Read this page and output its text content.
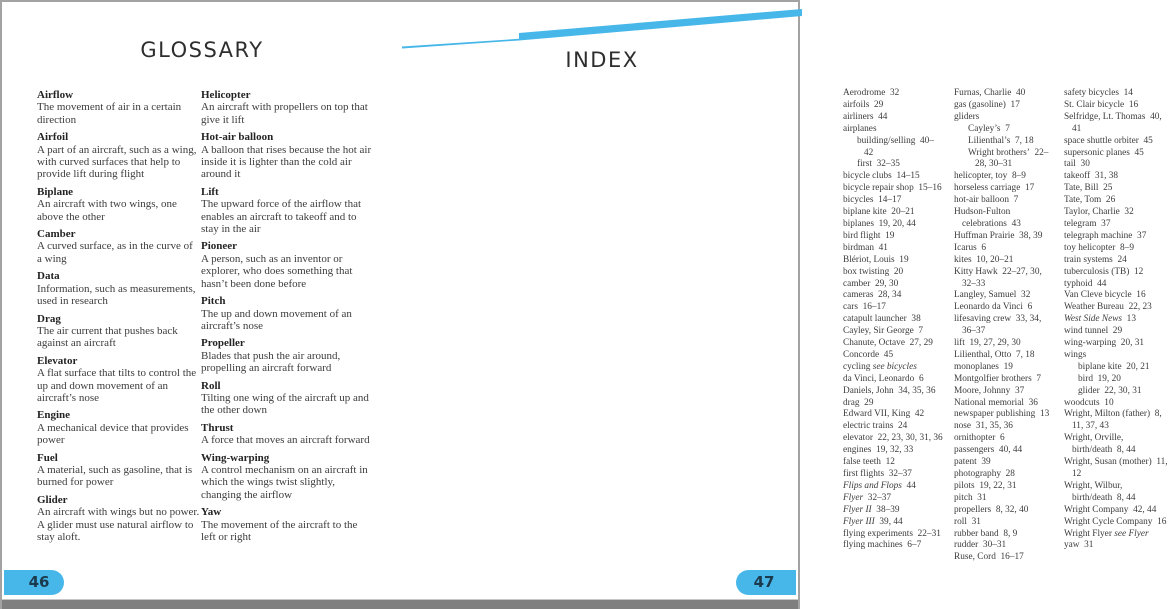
GLOSSARY
Airflow
The movement of air in a certain direction
Airfoil
A part of an aircraft, such as a wing, with curved surfaces that help to provide lift during flight
Biplane
An aircraft with two wings, one above the other
Camber
A curved surface, as in the curve of a wing
Data
Information, such as measurements, used in research
Drag
The air current that pushes back against an aircraft
Elevator
A flat surface that tilts to control the up and down movement of an aircraft’s nose
Engine
A mechanical device that provides power
Fuel
A material, such as gasoline, that is burned for power
Glider
An aircraft with wings but no power. A glider must use natural airflow to stay aloft.
Helicopter
An aircraft with propellers on top that give it lift
Hot-air balloon
A balloon that rises because the hot air inside it is lighter than the cold air around it
Lift
The upward force of the airflow that enables an aircraft to takeoff and to stay in the air
Pioneer
A person, such as an inventor or explorer, who does something that hasn’t been done before
Pitch
The up and down movement of an aircraft’s nose
Propeller
Blades that push the air around, propelling an aircraft forward
Roll
Tilting one wing of the aircraft up and the other down
Thrust
A force that moves an aircraft forward
Wing-warping
A control mechanism on an aircraft in which the wings twist slightly, changing the airflow
Yaw
The movement of the aircraft to the left or right
INDEX
Aerodrome 32
airfoils 29
airliners 44
airplanes
building/selling 40–42
first 32–35
bicycle clubs 14–15
bicycle repair shop 15–16
bicycles 14–17
biplane kite 20–21
biplanes 19, 20, 44
bird flight 19
birdman 41
Blériot, Louis 19
box twisting 20
camber 29, 30
cameras 28, 34
cars 16–17
catapult launcher 38
Cayley, Sir George 7
Chanute, Octave 27, 29
Concorde 45
cycling see bicycles
da Vinci, Leonardo 6
Daniels, John 34, 35, 36
drag 29
Edward VII, King 42
electric trains 24
elevator 22, 23, 30, 31, 36
engines 19, 32, 33
false teeth 12
first flights 32–37
Flips and Flops 44
Flyer 32–37
Flyer II 38–39
Flyer III 39, 44
flying experiments 22–31
flying machines 6–7
Furnas, Charlie 40
gas (gasoline) 17
gliders
Cayley’s 7
Lilienthal’s 7, 18
Wright brothers’ 22–28, 30–31
helicopter, toy 8–9
horseless carriage 17
hot-air balloon 7
Hudson-Fulton celebrations 43
Huffman Prairie 38, 39
Icarus 6
kites 10, 20–21
Kitty Hawk 22–27, 30, 32–33
Langley, Samuel 32
Leonardo da Vinci 6
lifesaving crew 33, 34, 36–37
lift 19, 27, 29, 30
Lilienthal, Otto 7, 18
monoplanes 19
Montgolfier brothers 7
Moore, Johnny 37
National memorial 36
newspaper publishing 13
nose 31, 35, 36
ornithopter 6
passengers 40, 44
patent 39
photography 28
pilots 19, 22, 31
pitch 31
propellers 8, 32, 40
roll 31
rubber band 8, 9
rudder 30–31
Ruse, Cord 16–17
safety bicycles 14
St. Clair bicycle 16
Selfridge, Lt. Thomas 40, 41
space shuttle orbiter 45
supersonic planes 45
tail 30
takeoff 31, 38
Tate, Bill 25
Tate, Tom 26
Taylor, Charlie 32
telegram 37
telegraph machine 37
toy helicopter 8–9
train systems 24
tuberculosis (TB) 12
typhoid 44
Van Cleve bicycle 16
Weather Bureau 22, 23
West Side News 13
wind tunnel 29
wing-warping 20, 31
wings
biplane kite 20, 21
bird 19, 20
glider 22, 30, 31
woodcuts 10
Wright, Milton (father) 8, 11, 37, 43
Wright, Orville, birth/death 8, 44
Wright, Susan (mother) 11, 12
Wright, Wilbur, birth/death 8, 44
Wright Company 42, 44
Wright Cycle Company 16
Wright Flyer see Flyer
yaw 31
46	47
